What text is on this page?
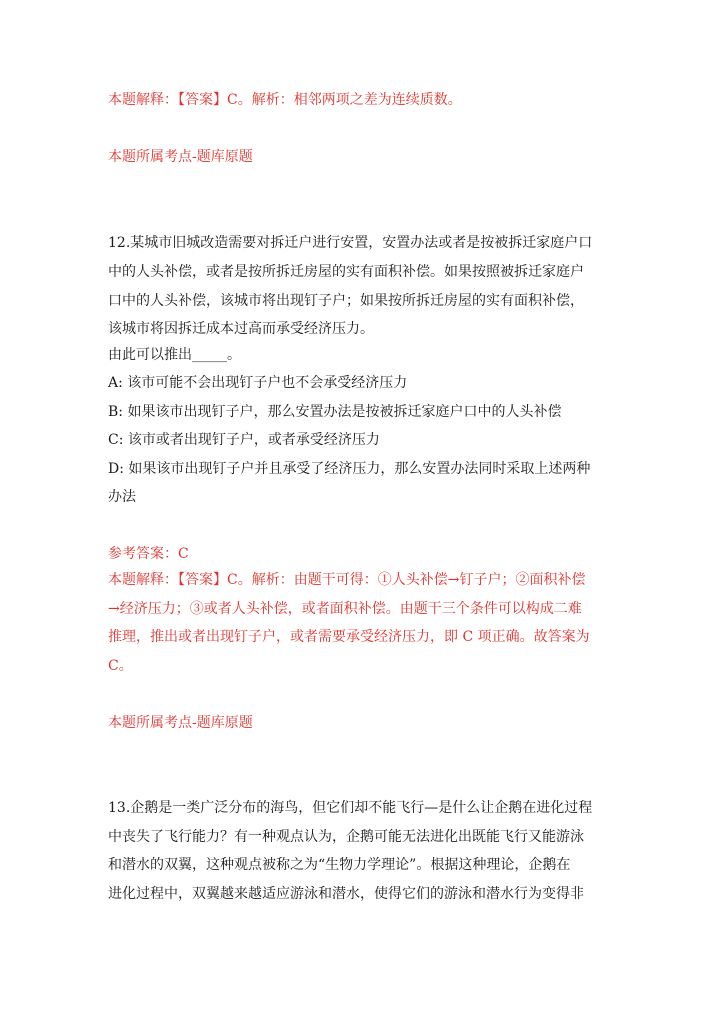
本题解释：【答案】C。解析：相邻两项之差为连续质数。
本题所属考点-题库原题
12.某城市旧城改造需要对拆迁户进行安置，安置办法或者是按被拆迁家庭户口
中的人头补偿，或者是按所拆迁房屋的实有面积补偿。如果按照被拆迁家庭户
口中的人头补偿，该城市将出现钉子户；如果按所拆迁房屋的实有面积补偿，
该城市将因拆迁成本过高而承受经济压力。
由此可以推出_____。
A: 该市可能不会出现钉子户也不会承受经济压力
B: 如果该市出现钉子户，那么安置办法是按被拆迁家庭户口中的人头补偿
C: 该市或者出现钉子户，或者承受经济压力
D: 如果该市出现钉子户并且承受了经济压力，那么安置办法同时采取上述两种
办法
参考答案：C
本题解释：【答案】C。解析：由题干可得：①人头补偿→钉子户；②面积补偿
→经济压力；③或者人头补偿，或者面积补偿。由题干三个条件可以构成二难
推理，推出或者出现钉子户，或者需要承受经济压力，即 C 项正确。故答案为
C。
本题所属考点-题库原题
13.企鹅是一类广泛分布的海鸟，但它们却不能飞行—是什么让企鹅在进化过程
中丧失了飞行能力？有一种观点认为，企鹅可能无法进化出既能飞行又能游泳
和潜水的双翼，这种观点被称之为“生物力学理论”。根据这种理论，企鹅在
进化过程中，双翼越来越适应游泳和潜水，使得它们的游泳和潜水行为变得非
